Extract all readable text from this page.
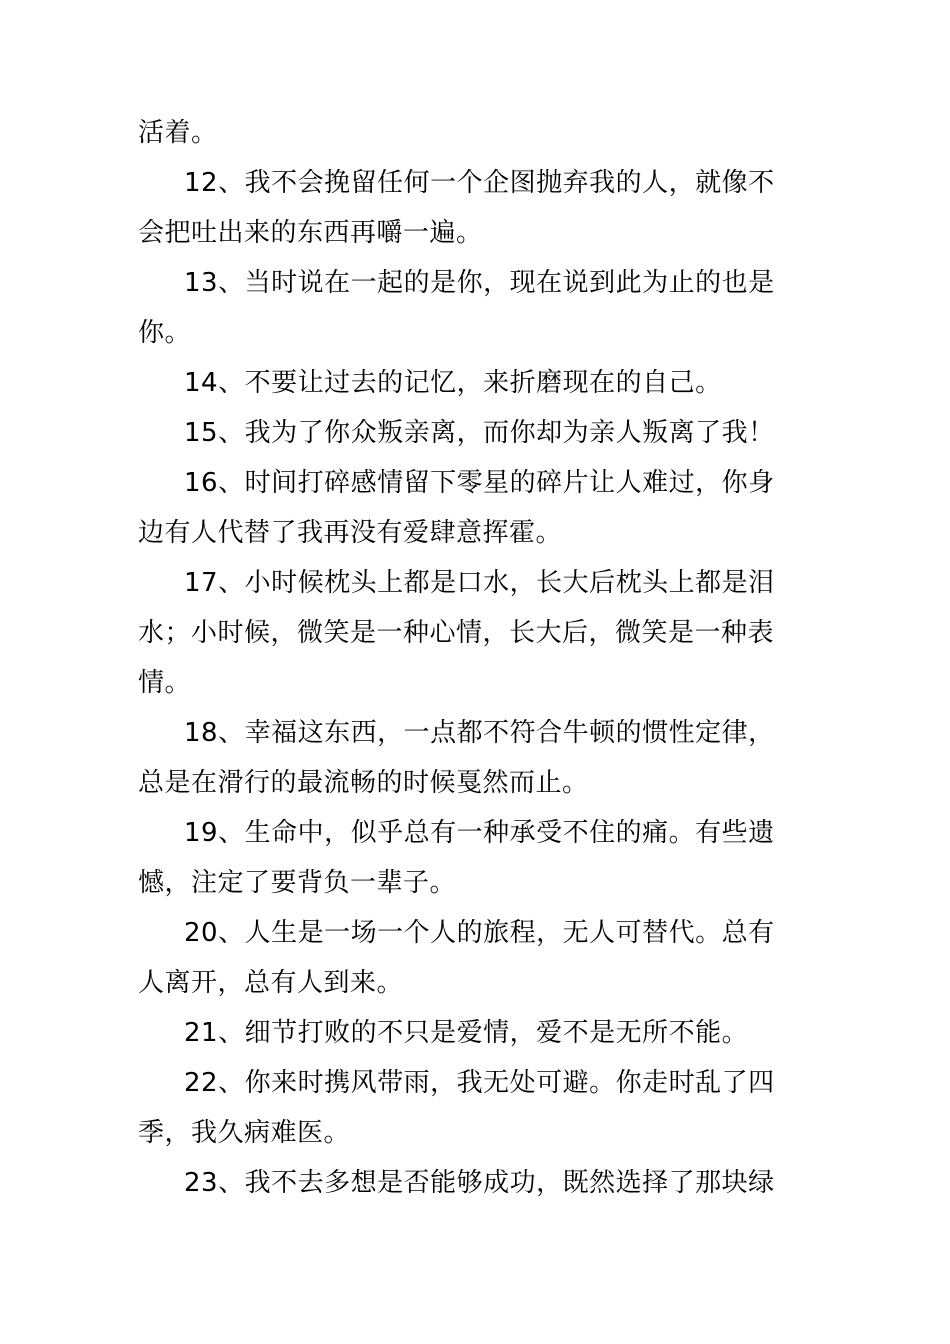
活着。

12、我不会挽留任何一个企图抛弃我的人，就像不
会把吐出来的东西再嚼一遍。

13、当时说在一起的是你，现在说到此为止的也是
你。

14、不要让过去的记忆，来折磨现在的自己。

15、我为了你众叛亲离，而你却为亲人叛离了我！

16、时间打碎感情留下零星的碎片让人难过，你身
边有人代替了我再没有爱肆意挥霍。

17、小时候枕头上都是口水，长大后枕头上都是泪
水；小时候，微笑是一种心情，长大后，微笑是一种表
情。

18、幸福这东西，一点都不符合牛顿的惯性定律，
总是在滑行的最流畅的时候戛然而止。

19、生命中，似乎总有一种承受不住的痛。有些遗
憾，注定了要背负一辈子。

20、人生是一场一个人的旅程，无人可替代。总有
人离开，总有人到来。

21、细节打败的不只是爱情，爱不是无所不能。

22、你来时携风带雨，我无处可避。你走时乱了四
季，我久病难医。

23、我不去多想是否能够成功，既然选择了那块绿
